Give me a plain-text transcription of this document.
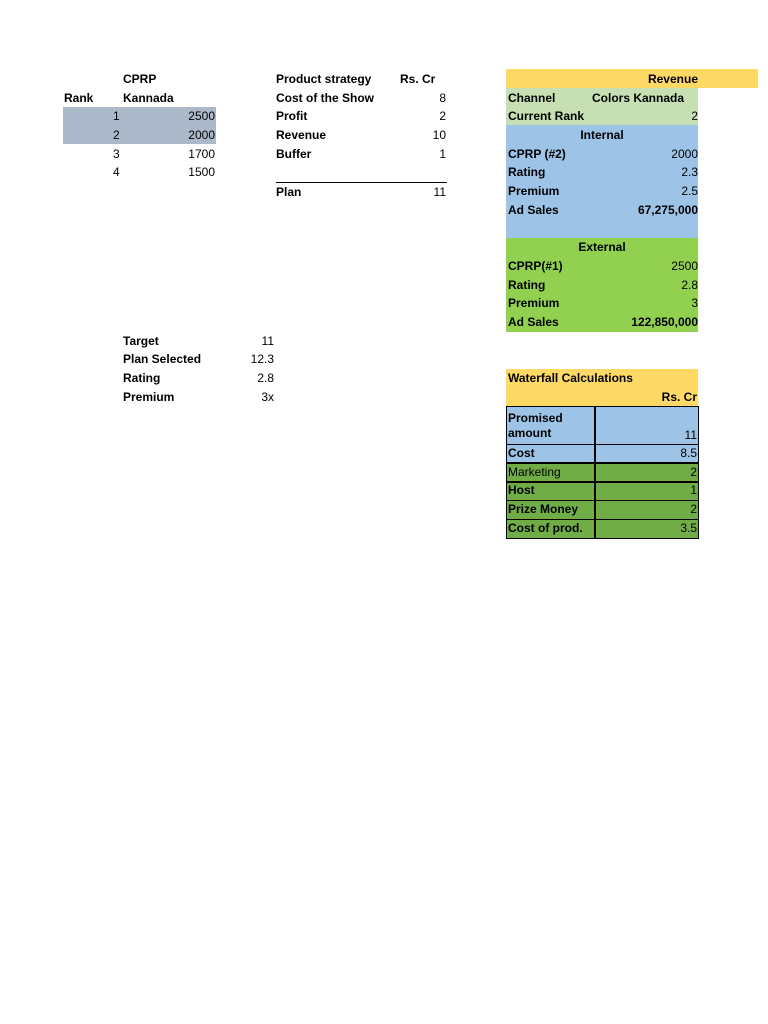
CPRP
Rank Kannada
1	2500
2	2000
3	1700
4	1500
Product strategy Rs. Cr
Cost of the Show	8
Profit	2
Revenue	10
Buffer	1
Plan	11
Target	11
Plan Selected	12.3
Rating	2.8
Premium	3x
Revenue
Channel	Colors Kannada
Current Rank	2
Internal
CPRP (#2)	2000
Rating	2.3
Premium	2.5
Ad Sales	67,275,000
External
CPRP(#1)	2500
Rating	2.8
Premium	3
Ad Sales	122,850,000
Waterfall Calculations
Rs. Cr
Promised amount	11
Cost	8.5
Marketing	2
Host	1
Prize Money	2
Cost of prod.	3.5
